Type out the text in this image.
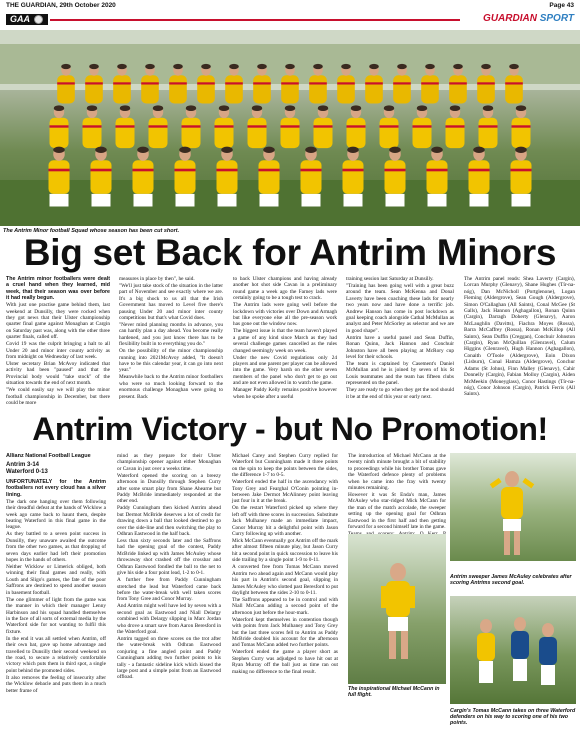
THE GUARDIAN, 29th October 2020	Page 43
GAA	GUARDIAN SPORT
The Antrim Minor football Squad whose season has been cut short.
Big set Back for Antrim Minors

The Antrim minor footballers were dealt a cruel hand when they learned, mid week, that their season was over before it had really begun.

With just one practise game behind them, last weekend at Dunsilly, they were rocked when they got news that their Ulster championship quarter final game against Monaghan at Cargin on Saturday past was, along with the other three quarter finals, called off.

Covid 19 was the culprit bringing a halt to all Under 20 and minor inter county activity as from midnight on Wednesday of last week.

Ulster secretary Brian McAvoy indicated that activity had been "paused" and that the Provincial body would "take stock" of the situation towards the end of next month.

"We could easily say we will play the minor football championship in December, but there could be more

measures in place by then", he said.

"We'll just take stock of the situation in the latter part of November and see exactly where we are. It's a big shock to us all that the Irish Government has moved to Level five there's pausing Under 20 and minor inter county competitions but that's what Covid does.

"Never mind planning months in advance, you can hardly plan a day ahead. You become really hardened, and you just know there has to be flexibility built in to everything you do."

On the possibility of the minor championship running into 2021McAvoy added, "It doesn't have to be this calendar year, it can go into next year."

Meanwhile back to the Antrim minor footballers who were so much looking forward to the enormous challenge Monaghan were going to present. Back

to back Ulster champions and having already another hot shot side Cavan in a preliminary round game a week ago the Farney lads were certainly going to be a tough test to crack.

The Antrim lads were going well before the lockdown with victories over Down and Armagh but like everyone else all the pre-season work has gone out the window now.

The biggest issue is that the team haven't played a game of any kind since March as they had several challenge games cancelled as the rules changed seemingly week on week.

Under the new Covid regulations only 24 players and one parent per player can be allowed into the game. Very harsh on the other seven members of the panel who don't get to go out and are not even allowed in to watch the game.

Manager Paddy Kelly remains positive however when he spoke after a useful

training session last Saturday at Dunsilly.

"Training has been going well with a great buzz around the team. Sean McKenna and Donal Laverty have been coaching these lads for nearly two years now and have done a terrific job. Andrew Hanson has come in post lockdown as goal keeping coach alongside Cathal McMullan as analyst and Peter McSorley as selector and we are in good shape".

Antrim have a useful panel and Sean Duffin, Ronan Quinn, Jack Hannon and Conchuir Johnston have all been playing at McRory cup level for their schools.

The team is captained by Casement's Daniel McMullan and he is joined by seven of his St Louis teammates and the team has fifteen clubs represented on the panel.

They are ready to go when they get the nod should it be at the end of this year or early next.

The Antrim panel reads: Shea Laverty (Cargin), Lorcan Murphy (Glenavy), Shane Hughes (Tír-na-nóg), Dan McNicholl (Portglenone), Logan Fleming (Aldergrove), Sean Gough (Aldergrove), Simon O'Callaghan (All Saints), Conal McGee (St Galls), Jack Hannon (Aghagallon), Ronan Quinn (Cargin), Darragh Doherty (Glenavy), Aaron McLaughlin (Davitts), Fiachra Moyes (Rossa), Barra McCaffrey (Rossa), Ronan McKillop (All Saints), Sean Duffin (Creggan), Conchuir Johnston (Cargin), Ryan McQuillan (Glenravel), Calum Higgins (Glenravel), Hugh Hannon (Aghagallon), Conaith O'Toole (Aldergrove), Eoin Dixon (Lisburn), Conal Hamza (Aldergrove), Conchur Adams (St Johns), Finn Malley (Glenavy), Cahir Donnelly (Cargin), Fabian Molloy (Cargin), Aiden McMeekin (Moneyglass), Conor Hastings (Tír-na-nóg), Conor Johnson (Cargin), Patrick Ferris (All Saints).

Antrim Victory - but No Promotion!
Allianz National Football League
Antrim 3-14
Waterford 0-13

UNFORTUNATELY for the Antrim footballers not every cloud has a silver lining.

The dark one hanging over them following their dreadful defeat at the hands of Wicklow a week ago came back to haunt them, despite beating Waterford in this final game in the league.

As they battled to a seven point success in Dunsilly, they unaware awaited the outcome from the other two games, as that dropping of seven days earlier had left their promotion hopes in the hands of others.

Neither Wicklow or Limerick obliged, both winning their final games and really, with Louth and Sligo's games, the fate of the poor Saffrons are destined to spend another season in basement football.

The one glimmer of light from the game was the manner in which their manager Lenny Harbinson and his squad handled themselves in the face of all sorts of external media by the Waterford side for not wanting to fulfil this fixture.

In the end it was all settled when Antrim, off their own bat, gave up home advantage and travelled to Dunsilly their second weekend on the road, to secure a relatively comfortable victory which puts them in third spot, a single point behind the promoted sides.

It also removes the feeling of insecurity after the Wicklow debacle and puts them in a much better frame of

mind as they prepare for their Ulster championship opener against either Monaghan or Cavan in just over a weeks time.

Waterford opened the scoring on a breezy afternoon in Dunsilly through Stephen Curry after some smart play from Shane Ahearne but Paddy McBride immediately responded at the other end.

Paddy Cunningham then kicked Antrim ahead but Dermot McBride deserves a lot of credit for drawing down a ball that looked destined to go over the side-line and then switching the play to Odhran Eastwood in the half back.

Less than sixty seconds later and the Saffrons had the opening goal of the contest, Paddy McBride linked up with James McAuley whose throwaway shot crashed off the crossbar and Odhran Eastwood fondled the ball to the net to give his side a four point lead, 1-2 to 0-1.

A further free from Paddy Cunningham stretched the lead but Waterford came back before the water-break with well taken scores from Tony Gree and Conor Murray.

And Antrim might well have led by seven with a second goal as Eastwood and Niall Delargy combined with Delargy slipping in Marc Jordan who drove a smart save from Aaron Beresford in the Waterford goal.

Antrim tagged on three scores on the trot after the water-break with Odhran Eastwood conjuring a fine angled point and Paddy Cunningham adding two further points to his tally - a fantastic sideline kick which kissed the large post and a simple point from an Eastwood offload.

Michael Carey and Stephen Curry replied for Waterford but Cunningham made it three points on the spin to keep the points between the sides, the difference 1-7 to 0-5.

Waterford ended the half in the ascendancy with Tony Grey and Fearghal O'Conin pointing in-between Jake Dermot McAlinney point leaving just four in it at the break.

On the restart Waterford picked up where they left off with three scores in succession. Substitute Jack Mulhaney made an immediate impact, Conor Murray hit a delightful point with Jason Curry following up with another.

Mick McCann eventually got Antrim off the mark after almost fifteen minute play, but Jason Curry hit a second point in quick succession to leave his side trailing by a single point 1-9 to 0-11.

A converted free from Tomas McCann moved Antrim two ahead again and McCann would play his part in Antrim's second goal, slipping in James McAuley who slotted past Beresford to put daylight between the sides 2-10 to 0-11.

The Saffrons appeared to be in control and with Niall McCann adding a second point of the afternoon just before the hour-mark.

Waterford kept themselves in contention though with points from Jack Mulhaney and Tony Grey but the last three scores fell to Antrim as Paddy McBride doubled his account for the afternoon and Tomas McCann added two further points.

Waterford ended the game a player short as Stephen Curry was adjudged to have hit out at Ryan Murray off the ball just as time ran out making no difference to the final result.

The introduction of Michael McCann at the twenty ninth minute brought a bit of stability to proceedings while his brother Tomas gave the Waterford defence plenty of problems when he came into the fray with twenty minutes remaining.

However it was St Enda's man, James McAuley who star-ridged Mick McCann for the man of the match accolade, the sweeper setting up the opening goal for Odhran Eastwood in the first half and then getting forward for a second himself late in the game.

The inspirational Michael McCann in full flight.
Antrim sweeper James McAuley celebrates after scoring Antrims second goal.
Cargin's Tomas McCann takes on three Waterford defenders on his way to scoring one of his two points.
